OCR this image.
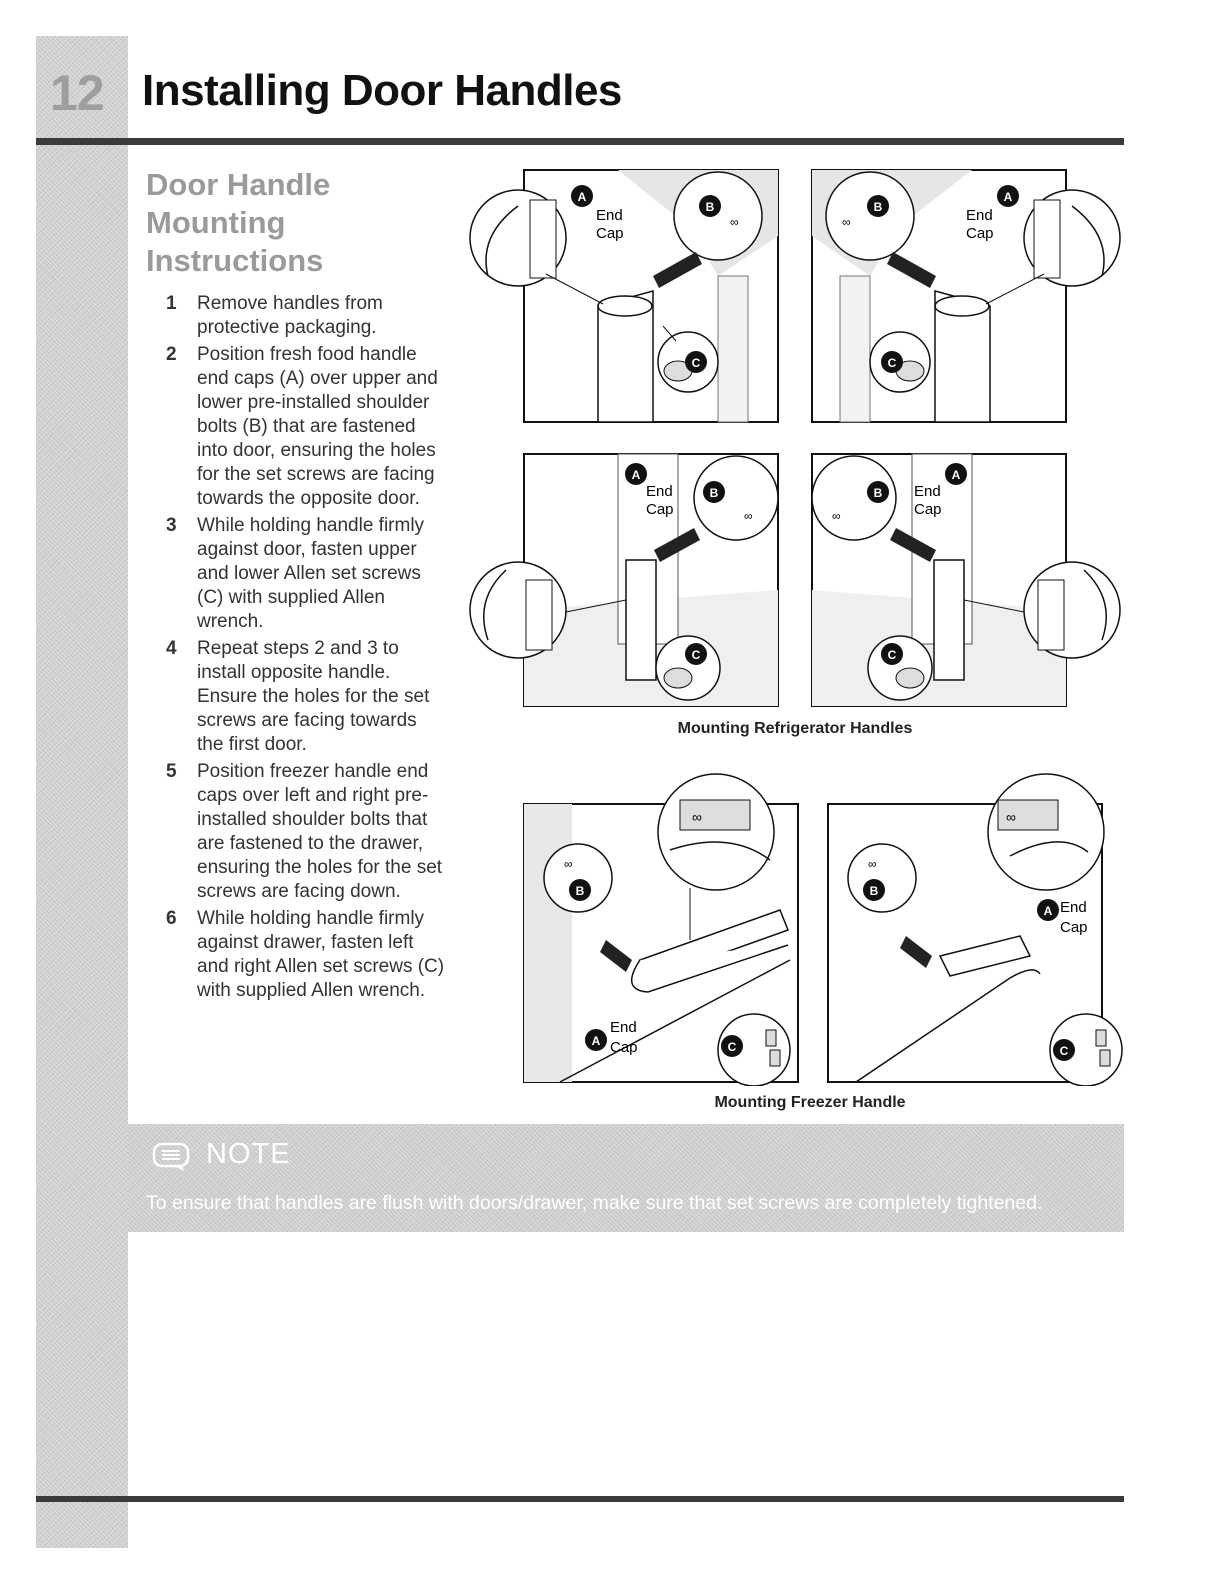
12 Installing Door Handles
Door Handle
Mounting
Instructions
1 Remove handles from protective packaging.
2 Position fresh food handle end caps (A) over upper and lower pre-installed shoulder bolts (B) that are fastened into door, ensuring the holes for the set screws are facing towards the opposite door.
3 While holding handle firmly against door, fasten upper and lower Allen set screws (C) with supplied Allen wrench.
4 Repeat steps 2 and 3 to install opposite handle. Ensure the holes for the set screws are facing towards the first door.
5 Position freezer handle end caps over left and right pre-installed shoulder bolts that are fastened to the drawer, ensuring the holes for the set screws are facing down.
6 While holding handle firmly against drawer, fasten left and right Allen set screws (C) with supplied Allen wrench.
∞
A
End
Cap
B
C
∞
A
End
Cap
B
C
∞
A
End
Cap
B
C
∞
A
End
Cap
B
C
Mounting Refrigerator Handles
∞
∞
B
A
End
Cap	C
∞
∞
B
A End
Cap
C
Mounting Freezer Handle
NOTE
To ensure that handles are flush with doors/drawer, make sure that set screws are completely tightened.
